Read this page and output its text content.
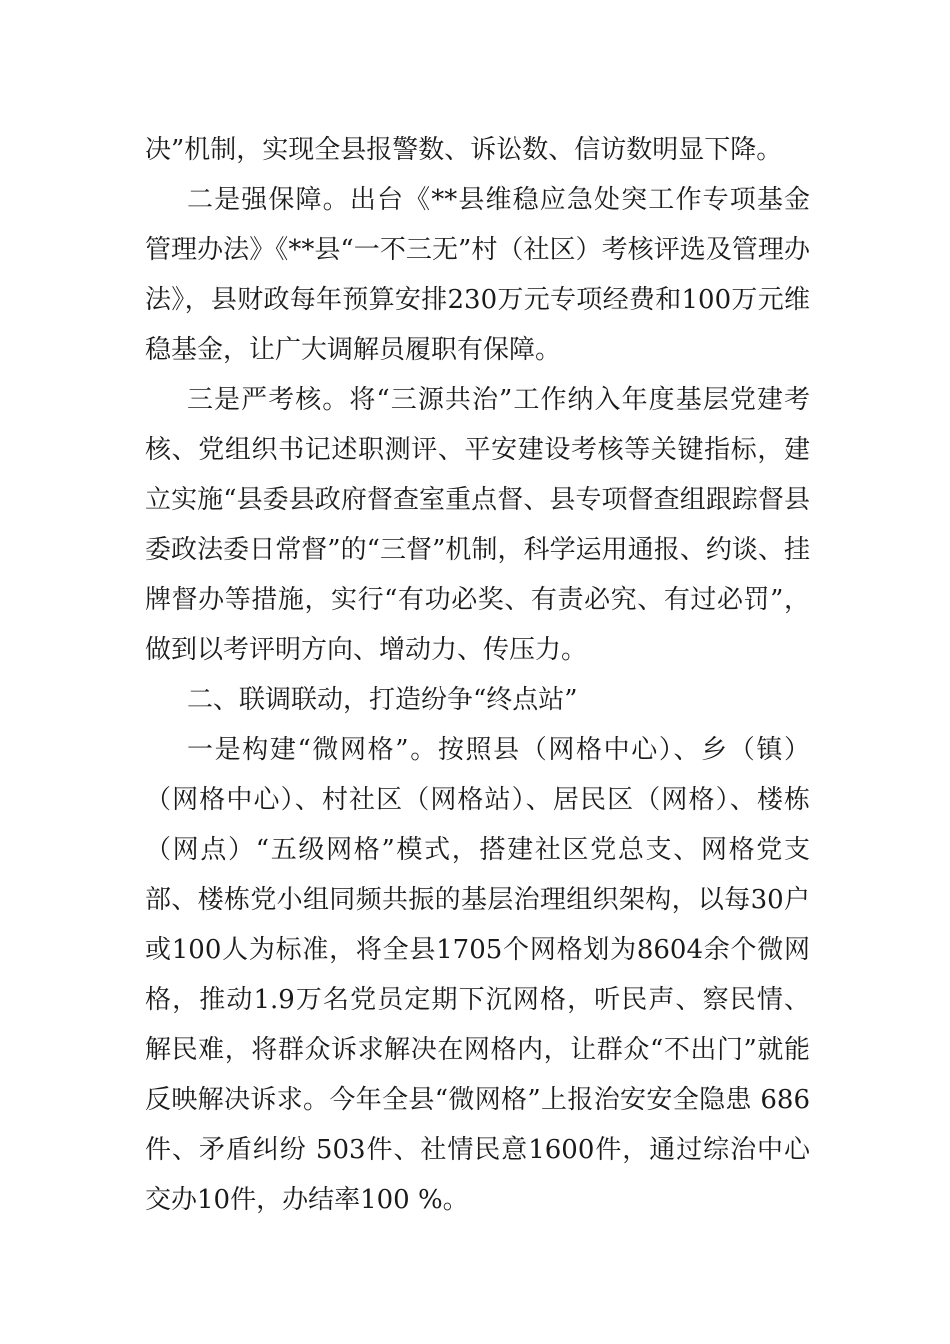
决”机制，实现全县报警数、诉讼数、信访数明显下降。

二是强保障。出台《**县维稳应急处突工作专项基金管理办法》《**县“一不三无”村（社区）考核评选及管理办法》，县财政每年预算安排230万元专项经费和100万元维稳基金，让广大调解员履职有保障。

三是严考核。将“三源共治”工作纳入年度基层党建考核、党组织书记述职测评、平安建设考核等关键指标，建立实施“县委县政府督查室重点督、县专项督查组跟踪督县委政法委日常督”的“三督”机制，科学运用通报、约谈、挂牌督办等措施，实行“有功必奖、有责必究、有过必罚”，做到以考评明方向、增动力、传压力。

二、联调联动，打造纷争“终点站”

一是构建“微网格”。按照县（网格中心）、乡（镇）（网格中心）、村社区（网格站）、居民区（网格）、楼栋（网点）“五级网格”模式，搭建社区党总支、网格党支部、楼栋党小组同频共振的基层治理组织架构，以每30户或100人为标准，将全县1705个网格划为8604余个微网格，推动1.9万名党员定期下沉网格，听民声、察民情、解民难，将群众诉求解决在网格内，让群众“不出门”就能反映解决诉求。今年全县“微网格”上报治安安全隐患 686件、矛盾纠纷 503件、社情民意1600件，通过综治中心交办10件，办结率100 %。
